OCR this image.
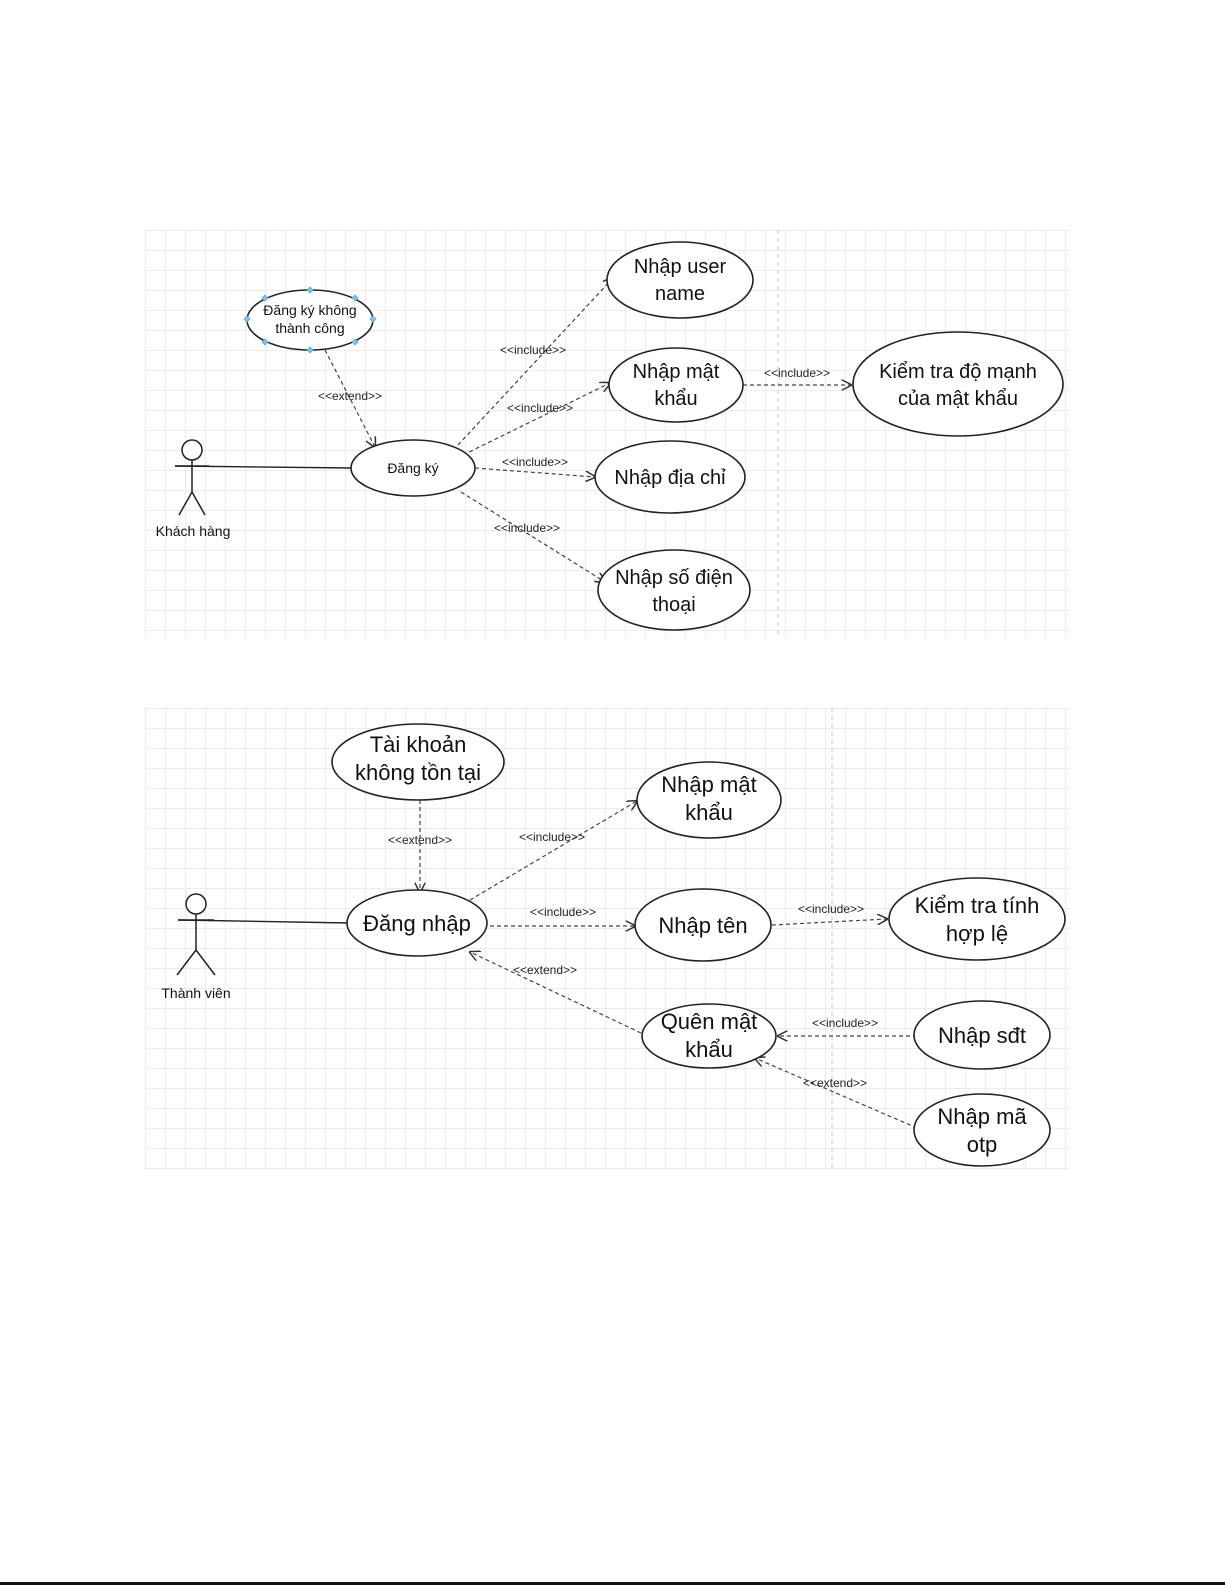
Khách hàng
<<extend>>
<<include>>
<<include>>
<<include>>
<<include>>
<<include>>
Đăng ký không
thành công
Đăng ký
Nhập user
name
Nhập mật
khẩu
Kiểm tra độ mạnh
của mật khẩu
Nhập địa chỉ
Nhập số điện
thoại
Thành viên
<<extend>>	<<include>>
<<include>>
<<extend>>
<<include>>
<<include>>
<<extend>>
Tài khoản
không tồn tại
Đăng nhập
Nhập mật
khẩu
Nhập tên
Kiểm tra tính
hợp lệ
Quên mật
khẩu
Nhập sđt
Nhập mã
otp
